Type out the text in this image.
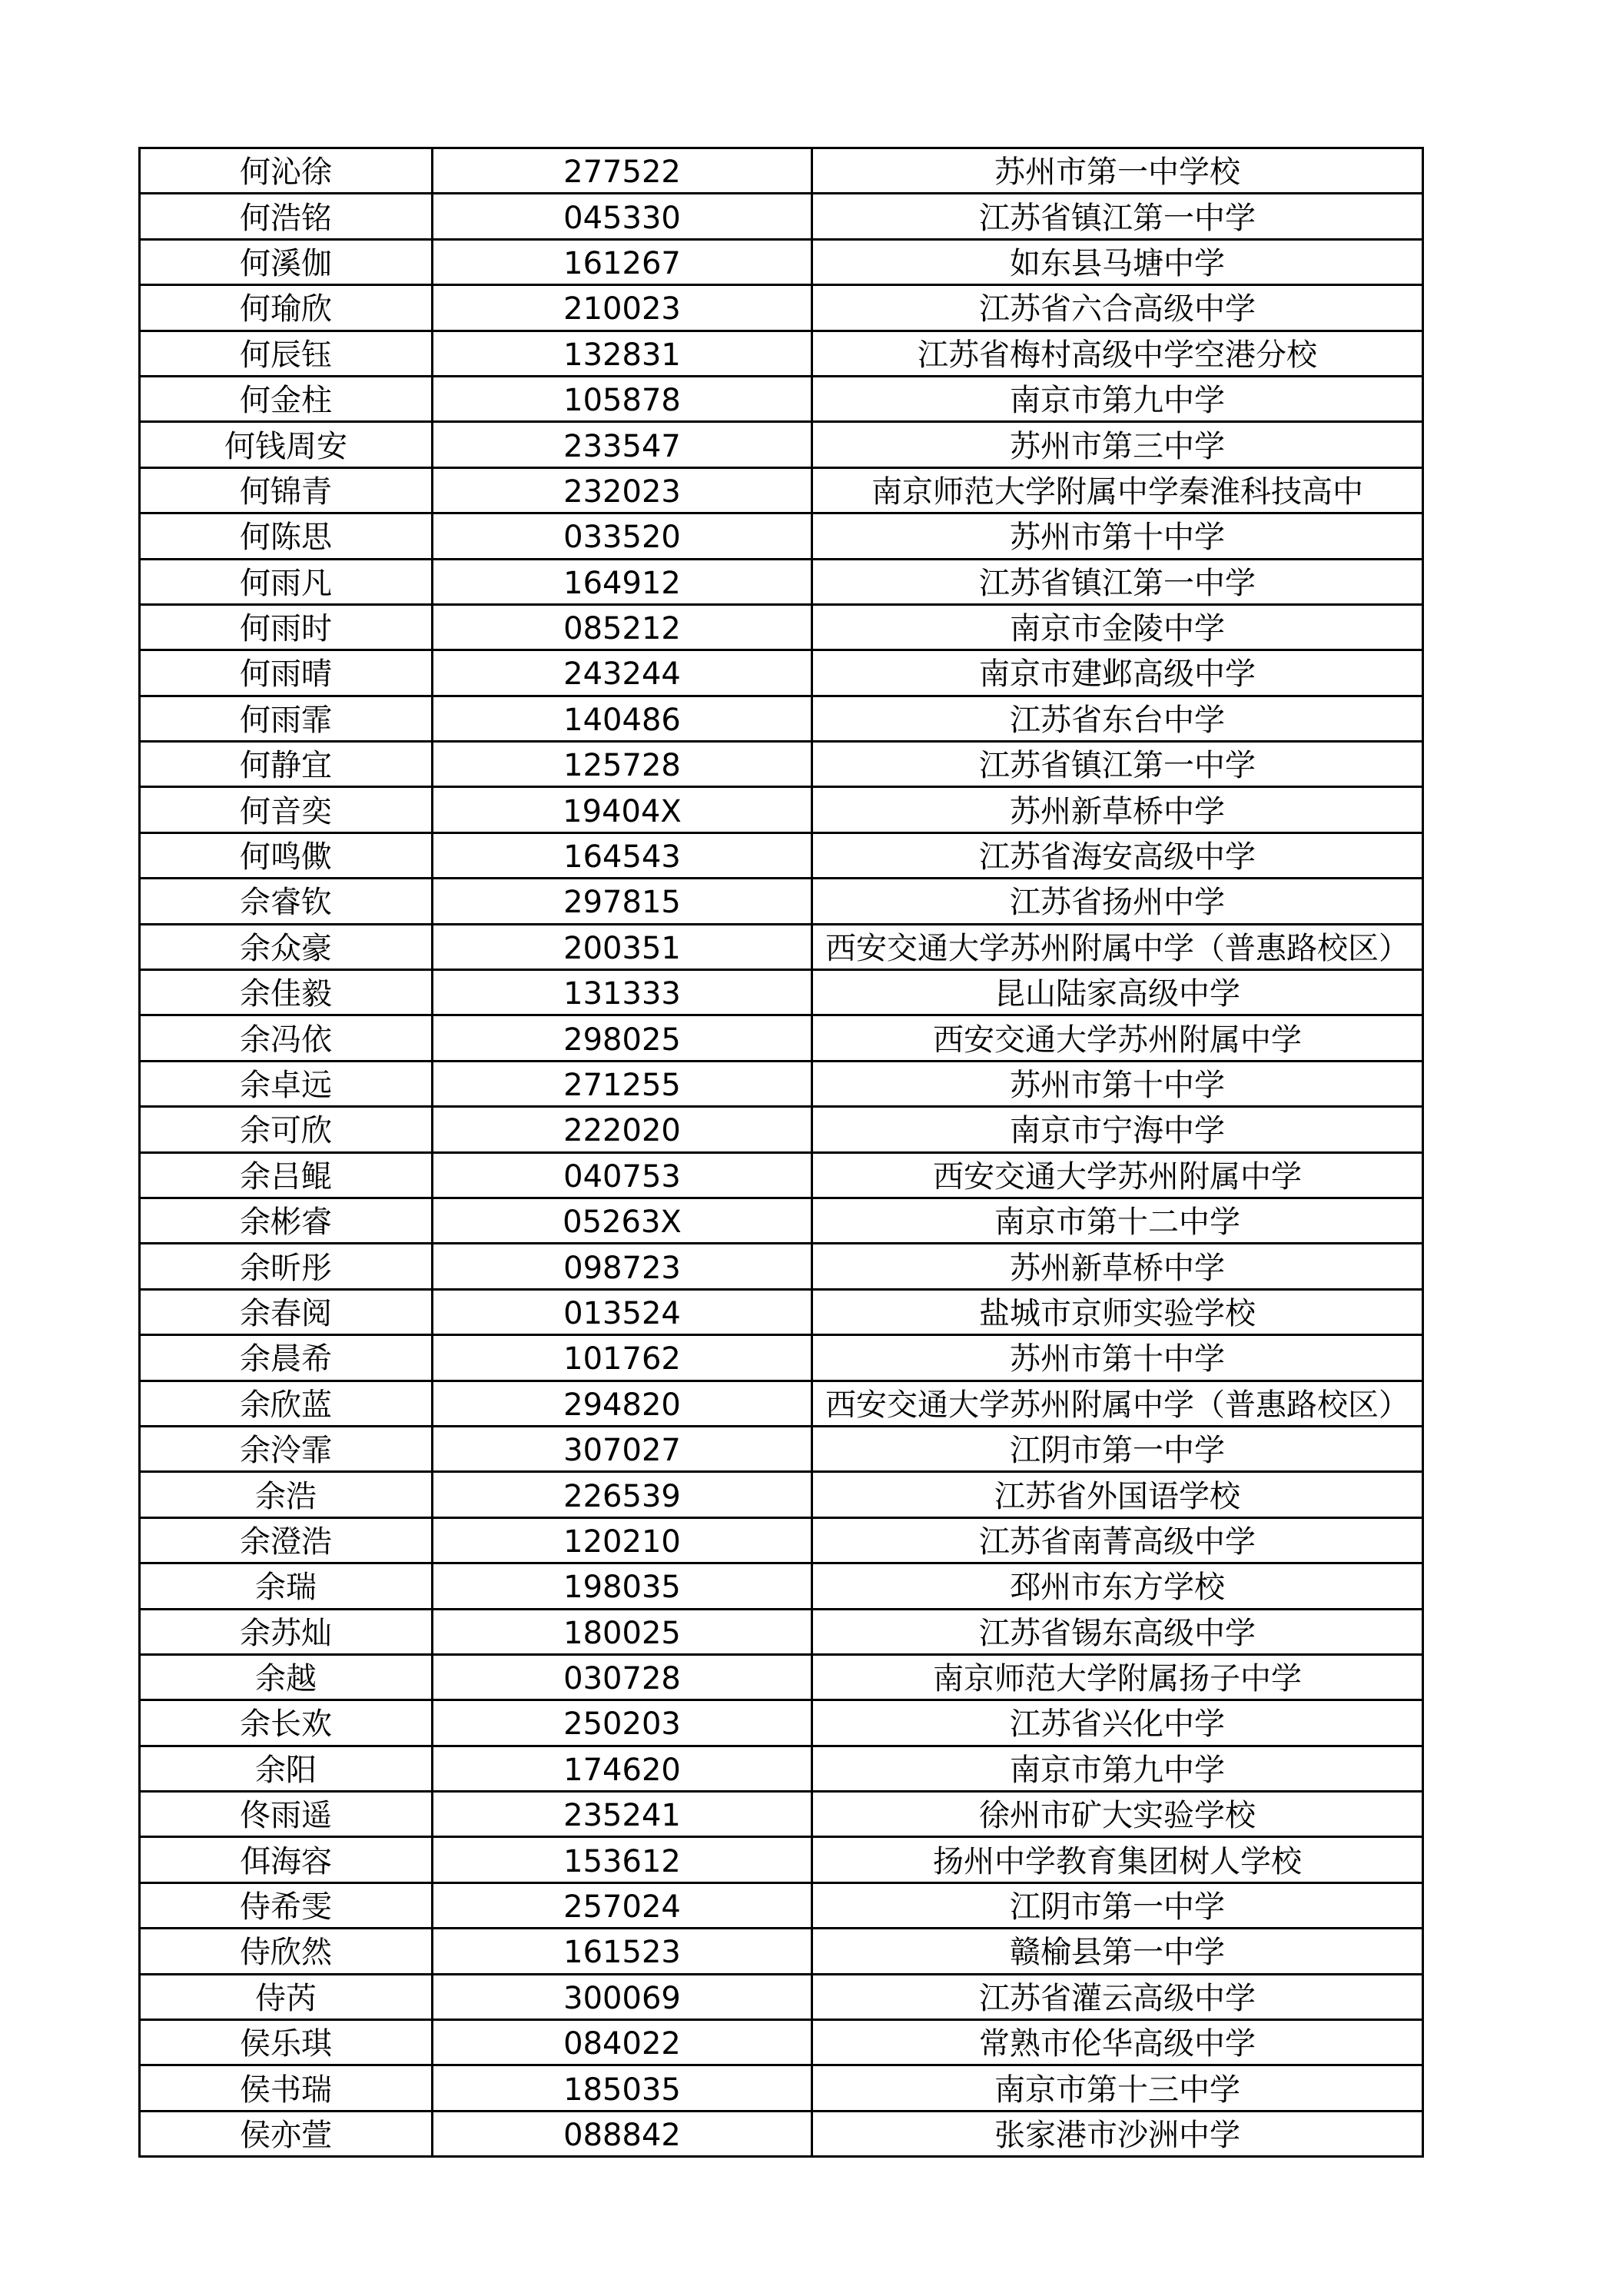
何沁徐	277522	苏州市第一中学校
何浩铭	045330	江苏省镇江第一中学
何溪伽	161267	如东县马塘中学
何瑜欣	210023	江苏省六合高级中学
何辰钰	132831	江苏省梅村高级中学空港分校
何金柱	105878	南京市第九中学
何钱周安	233547	苏州市第三中学
何锦青	232023	南京师范大学附属中学秦淮科技高中
何陈思	033520	苏州市第十中学
何雨凡	164912	江苏省镇江第一中学
何雨时	085212	南京市金陵中学
何雨晴	243244	南京市建邺高级中学
何雨霏	140486	江苏省东台中学
何静宜	125728	江苏省镇江第一中学
何音奕	19404X	苏州新草桥中学
何鸣僛	164543	江苏省海安高级中学
佘睿钦	297815	江苏省扬州中学
余众豪	200351	西安交通大学苏州附属中学（普惠路校区）
余佳毅	131333	昆山陆家高级中学
余冯依	298025	西安交通大学苏州附属中学
余卓远	271255	苏州市第十中学
余可欣	222020	南京市宁海中学
余吕鲲	040753	西安交通大学苏州附属中学
余彬睿	05263X	南京市第十二中学
余昕彤	098723	苏州新草桥中学
余春阅	013524	盐城市京师实验学校
余晨希	101762	苏州市第十中学
余欣蓝	294820	西安交通大学苏州附属中学（普惠路校区）
余泠霏	307027	江阴市第一中学
余浩	226539	江苏省外国语学校
余澄浩	120210	江苏省南菁高级中学
余瑞	198035	邳州市东方学校
余苏灿	180025	江苏省锡东高级中学
余越	030728	南京师范大学附属扬子中学
余长欢	250203	江苏省兴化中学
余阳	174620	南京市第九中学
佟雨遥	235241	徐州市矿大实验学校
佴海容	153612	扬州中学教育集团树人学校
侍希雯	257024	江阴市第一中学
侍欣然	161523	赣榆县第一中学
侍芮	300069	江苏省灌云高级中学
侯乐琪	084022	常熟市伦华高级中学
侯书瑞	185035	南京市第十三中学
侯亦萱	088842	张家港市沙洲中学
